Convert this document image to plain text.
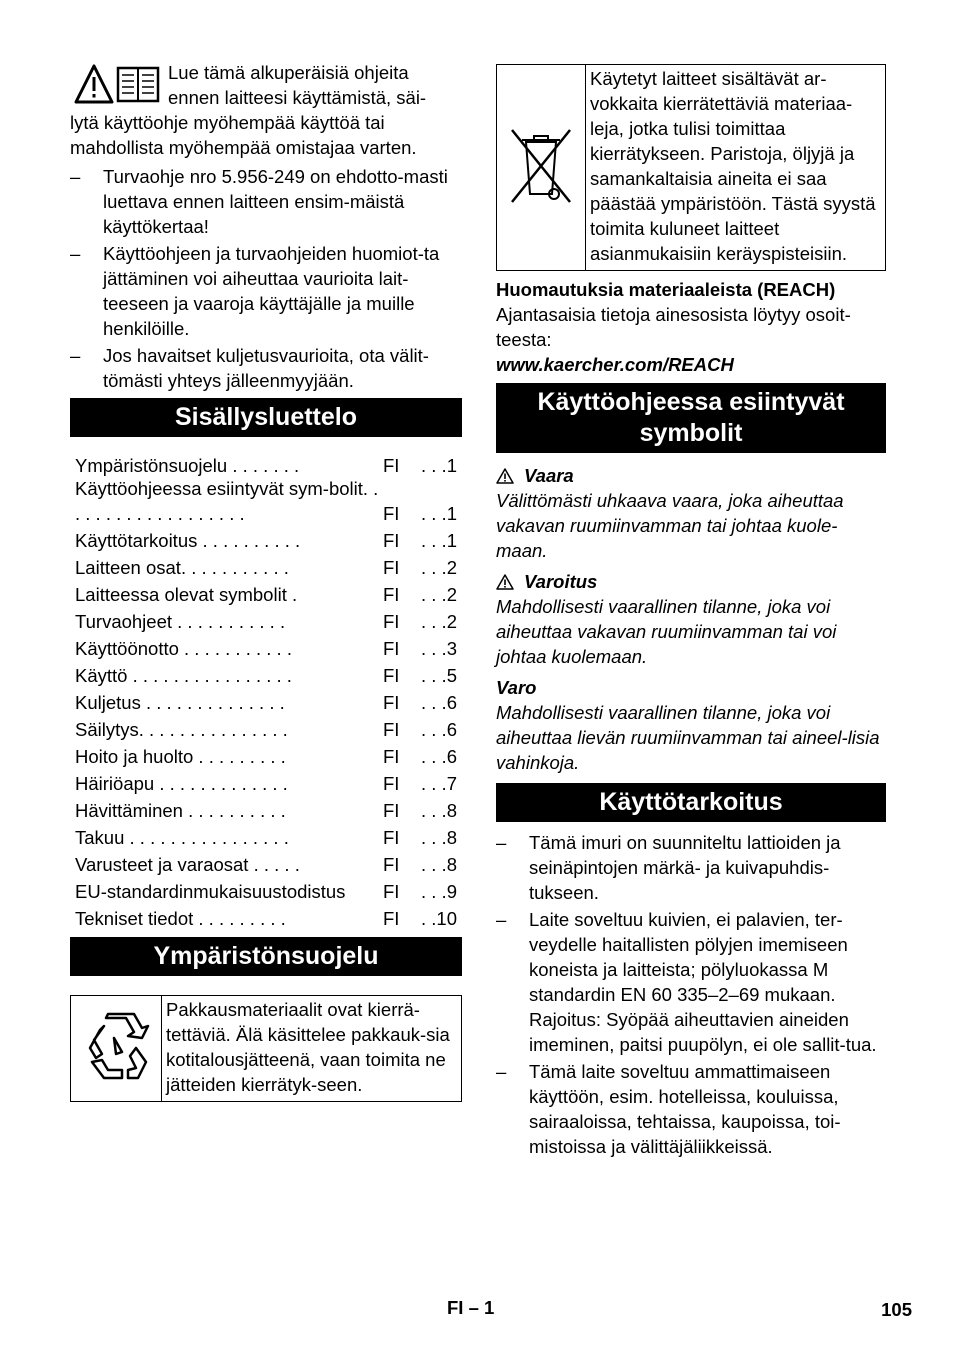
Lue tämä alkuperäisiä ohjeita
ennen laitteesi käyttämistä, säi-

lytä käyttöohje myöhempää käyttöä tai mahdollista myöhempää omistajaa varten.

– Turvaohje nro 5.956-249 on ehdotto-masti luettava ennen laitteen ensim-mäistä käyttökertaa!
– Käyttöohjeen ja turvaohjeiden huomiot-ta jättäminen voi aiheuttaa vaurioita lait-teeseen ja vaaroja käyttäjälle ja muille henkilöille.
– Jos havaitset kuljetusvaurioita, ota välit-tömästi yhteys jälleenmyyjään.
Sisällysluettelo
Ympäristönsuojelu . . . . . . .	FI	. . .1
Käyttöohjeessa esiintyvät sym-bolit. . . . . . . . . . . . . . . . . . .	FI	. . .1
Käyttötarkoitus . . . . . . . . . .	FI	. . .1
Laitteen osat. . . . . . . . . . .	FI	. . .2
Laitteessa olevat symbolit .	FI	. . .2
Turvaohjeet . . . . . . . . . . .	FI	. . .2
Käyttöönotto . . . . . . . . . . .	FI	. . .3
Käyttö . . . . . . . . . . . . . . . .	FI	. . .5
Kuljetus . . . . . . . . . . . . . .	FI	. . .6
Säilytys. . . . . . . . . . . . . . .	FI	. . .6
Hoito ja huolto . . . . . . . . .	FI	. . .6
Häiriöapu . . . . . . . . . . . . .	FI	. . .7
Hävittäminen . . . . . . . . . .	FI	. . .8
Takuu . . . . . . . . . . . . . . . .	FI	. . .8
Varusteet ja varaosat . . . . .	FI	. . .8
EU-standardinmukaisuustodistus	FI	. . .9
Tekniset tiedot . . . . . . . . .	FI	. .10
Ympäristönsuojelu
	Pakkausmateriaalit ovat kierrä-tettäviä. Älä käsittelee pakkauk-sia kotitalousjätteenä, vaan toimita ne jätteiden kierrätyk-seen.
	Käytetyt laitteet sisältävät ar-vokkaita kierrätettäviä materiaa-leja, jotka tulisi toimittaa kierrätykseen. Paristoja, öljyjä ja samankaltaisia aineita ei saa päästää ympäristöön. Tästä syystä toimita kuluneet laitteet asianmukaisiin keräyspisteisiin.

Huomautuksia materiaaleista (REACH)

Ajantasaisia tietoja ainesosista löytyy osoit-teesta:

www.kaercher.com/REACH

Käyttöohjeessa esiintyvät symbolit
Vaara

Välittömästi uhkaava vaara, joka aiheuttaa vakavan ruumiinvamman tai johtaa kuole-maan.

Varoitus

Mahdollisesti vaarallinen tilanne, joka voi aiheuttaa vakavan ruumiinvamman tai voi johtaa kuolemaan.

Varo

Mahdollisesti vaarallinen tilanne, joka voi aiheuttaa lievän ruumiinvamman tai aineel-lisia vahinkoja.

Käyttötarkoitus
– Tämä imuri on suunniteltu lattioiden ja seinäpintojen märkä- ja kuivapuhdis-tukseen.
– Laite soveltuu kuivien, ei palavien, ter-veydelle haitallisten pölyjen imemiseen koneista ja laitteista; pölyluokassa M standardin EN 60 335–2–69 mukaan. Rajoitus: Syöpää aiheuttavien aineiden imeminen, paitsi puupölyn, ei ole sallit-tua.
– Tämä laite soveltuu ammattimaiseen käyttöön, esim. hotelleissa, kouluissa, sairaaloissa, tehtaissa, kaupoissa, toi-mistoissa ja välittäjäliikkeissä.
FI – 1	105
